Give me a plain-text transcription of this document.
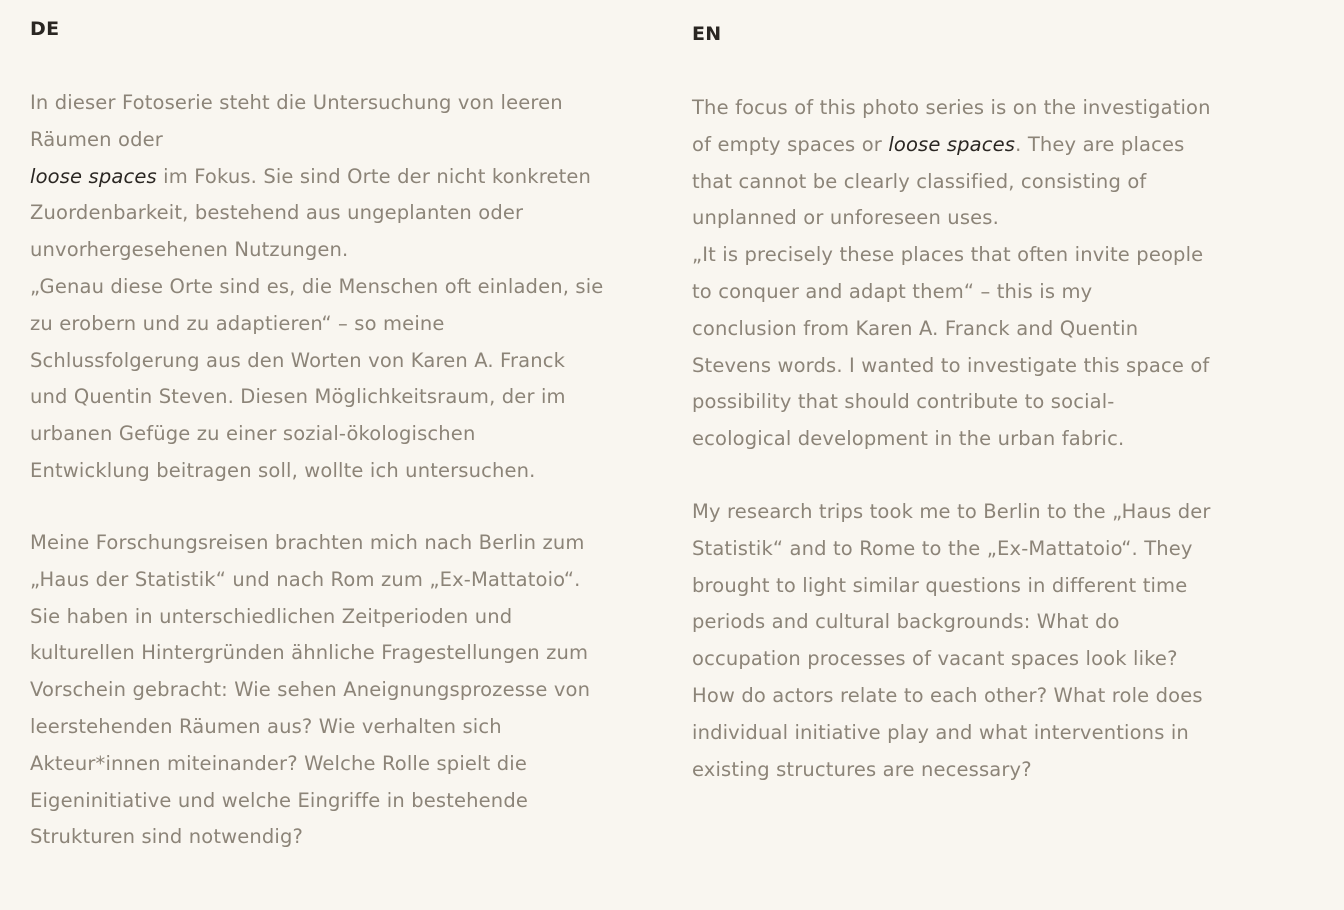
DE

In dieser Fotoserie steht die Untersuchung von leeren
Räumen oder
loose spaces im Fokus. Sie sind Orte der nicht konkreten
Zuordenbarkeit, bestehend aus ungeplanten oder
unvorhergesehenen Nutzungen.
„Genau diese Orte sind es, die Menschen oft einladen, sie
zu erobern und zu adaptieren“ – so meine
Schlussfolgerung aus den Worten von Karen A. Franck
und Quentin Steven. Diesen Möglichkeitsraum, der im
urbanen Gefüge zu einer sozial-ökologischen
Entwicklung beitragen soll, wollte ich untersuchen.

Meine Forschungsreisen brachten mich nach Berlin zum
„Haus der Statistik“ und nach Rom zum „Ex-Mattatoio“.
Sie haben in unterschiedlichen Zeitperioden und
kulturellen Hintergründen ähnliche Fragestellungen zum
Vorschein gebracht: Wie sehen Aneignungsprozesse von
leerstehenden Räumen aus? Wie verhalten sich
Akteur*innen miteinander? Welche Rolle spielt die
Eigeninitiative und welche Eingriffe in bestehende
Strukturen sind notwendig?

EN

The focus of this photo series is on the investigation
of empty spaces or loose spaces. They are places
that cannot be clearly classified, consisting of
unplanned or unforeseen uses.
„It is precisely these places that often invite people
to conquer and adapt them“ – this is my
conclusion from Karen A. Franck and Quentin
Stevens words. I wanted to investigate this space of
possibility that should contribute to social-
ecological development in the urban fabric.

My research trips took me to Berlin to the „Haus der
Statistik“ and to Rome to the „Ex-Mattatoio“. They
brought to light similar questions in different time
periods and cultural backgrounds: What do
occupation processes of vacant spaces look like?
How do actors relate to each other? What role does
individual initiative play and what interventions in
existing structures are necessary?
